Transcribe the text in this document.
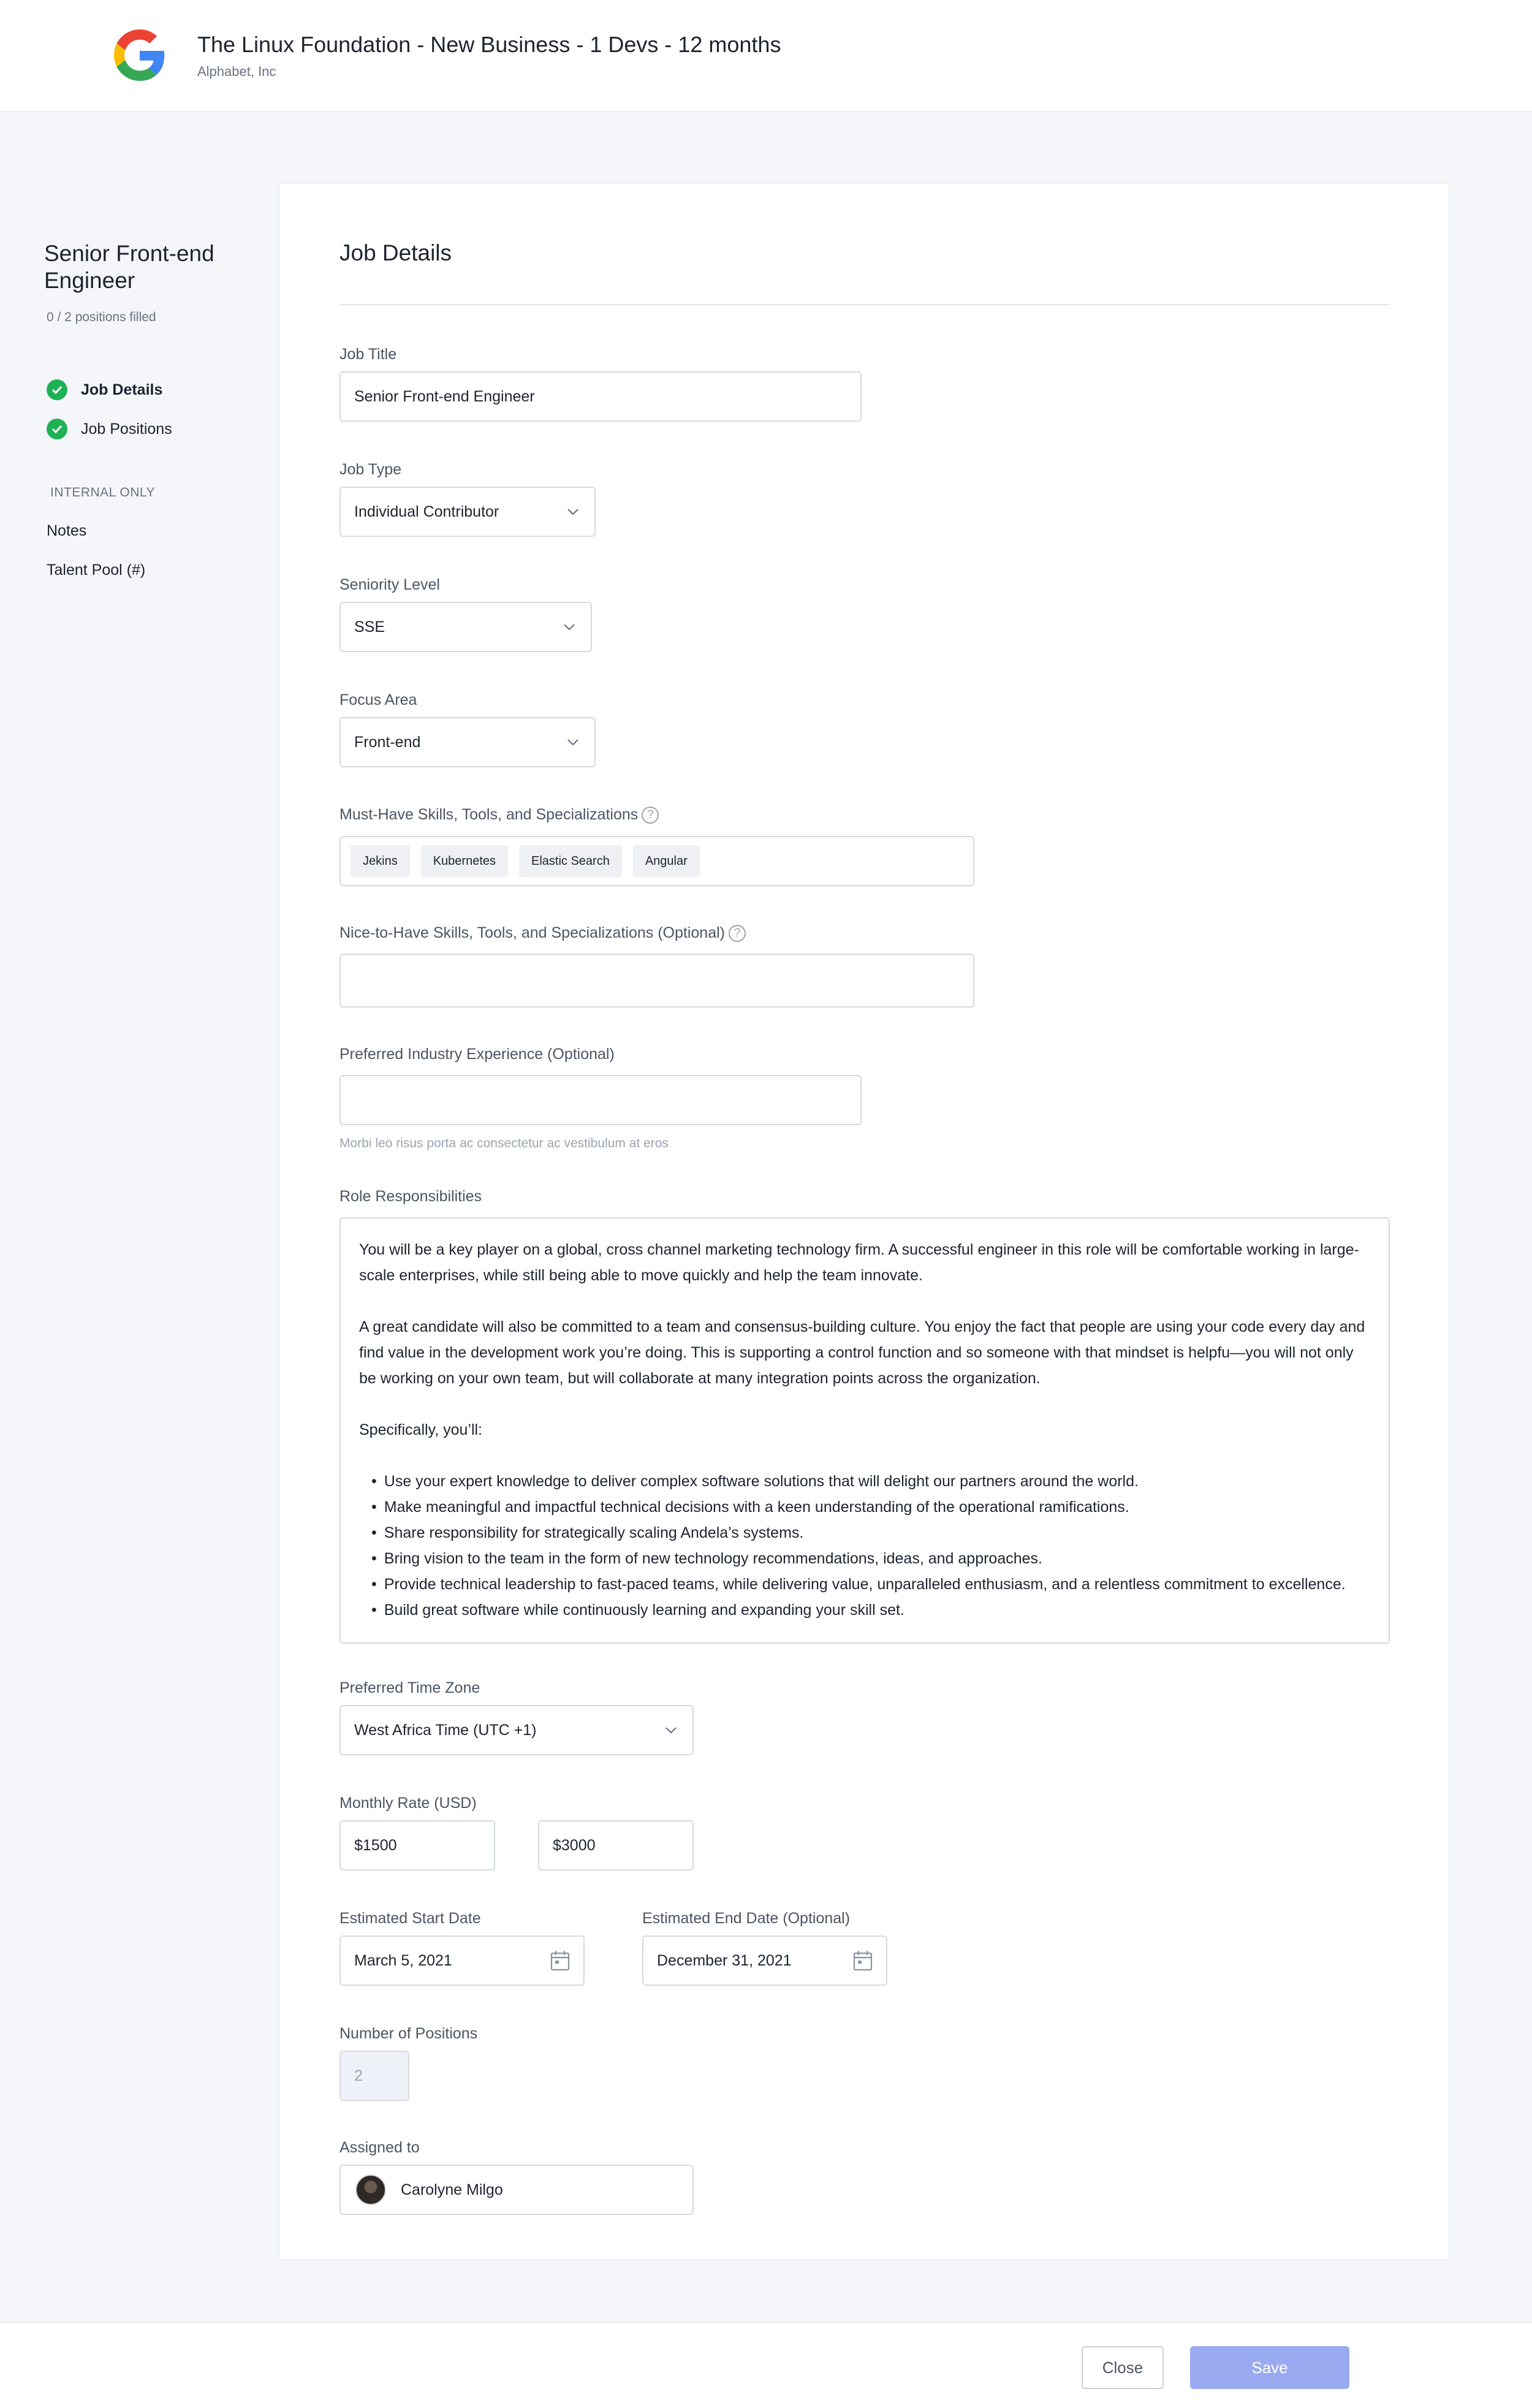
The Linux Foundation - New Business - 1 Devs - 12 months
Alphabet, Inc
Senior Front-end Engineer
0 / 2 positions filled
Job Details
Job Positions
INTERNAL ONLY
Notes
Talent Pool (#)
Job Details
Job Title
Senior Front-end Engineer
Job Type
Individual Contributor
Seniority Level
SSE
Focus Area
Front-end
Must-Have Skills, Tools, and Specializations ?
Jekins	Kubernetes	Elastic Search	Angular
Nice-to-Have Skills, Tools, and Specializations (Optional) ?
Preferred Industry Experience (Optional)
Morbi leo risus porta ac consectetur ac vestibulum at eros
Role Responsibilities

You will be a key player on a global, cross channel marketing technology firm. A successful engineer in this role will be comfortable working in large-scale enterprises, while still being able to move quickly and help the team innovate.

A great candidate will also be committed to a team and consensus-building culture. You enjoy the fact that people are using your code every day and find value in the development work you’re doing. This is supporting a control function and so someone with that mindset is helpfu—you will not only be working on your own team, but will collaborate at many integration points across the organization.

Specifically, you’ll:

• Use your expert knowledge to deliver complex software solutions that will delight our partners around the world.
• Make meaningful and impactful technical decisions with a keen understanding of the operational ramifications.
• Share responsibility for strategically scaling Andela’s systems.
• Bring vision to the team in the form of new technology recommendations, ideas, and approaches.
• Provide technical leadership to fast-paced teams, while delivering value, unparalleled enthusiasm, and a relentless commitment to excellence.
• Build great software while continuously learning and expanding your skill set.
Preferred Time Zone
West Africa Time (UTC +1)
Monthly Rate (USD)
$1500	$3000
Estimated Start Date
March 5, 2021
Estimated End Date (Optional)
December 31, 2021
Number of Positions
2
Assigned to
Carolyne Milgo
Close	Save
